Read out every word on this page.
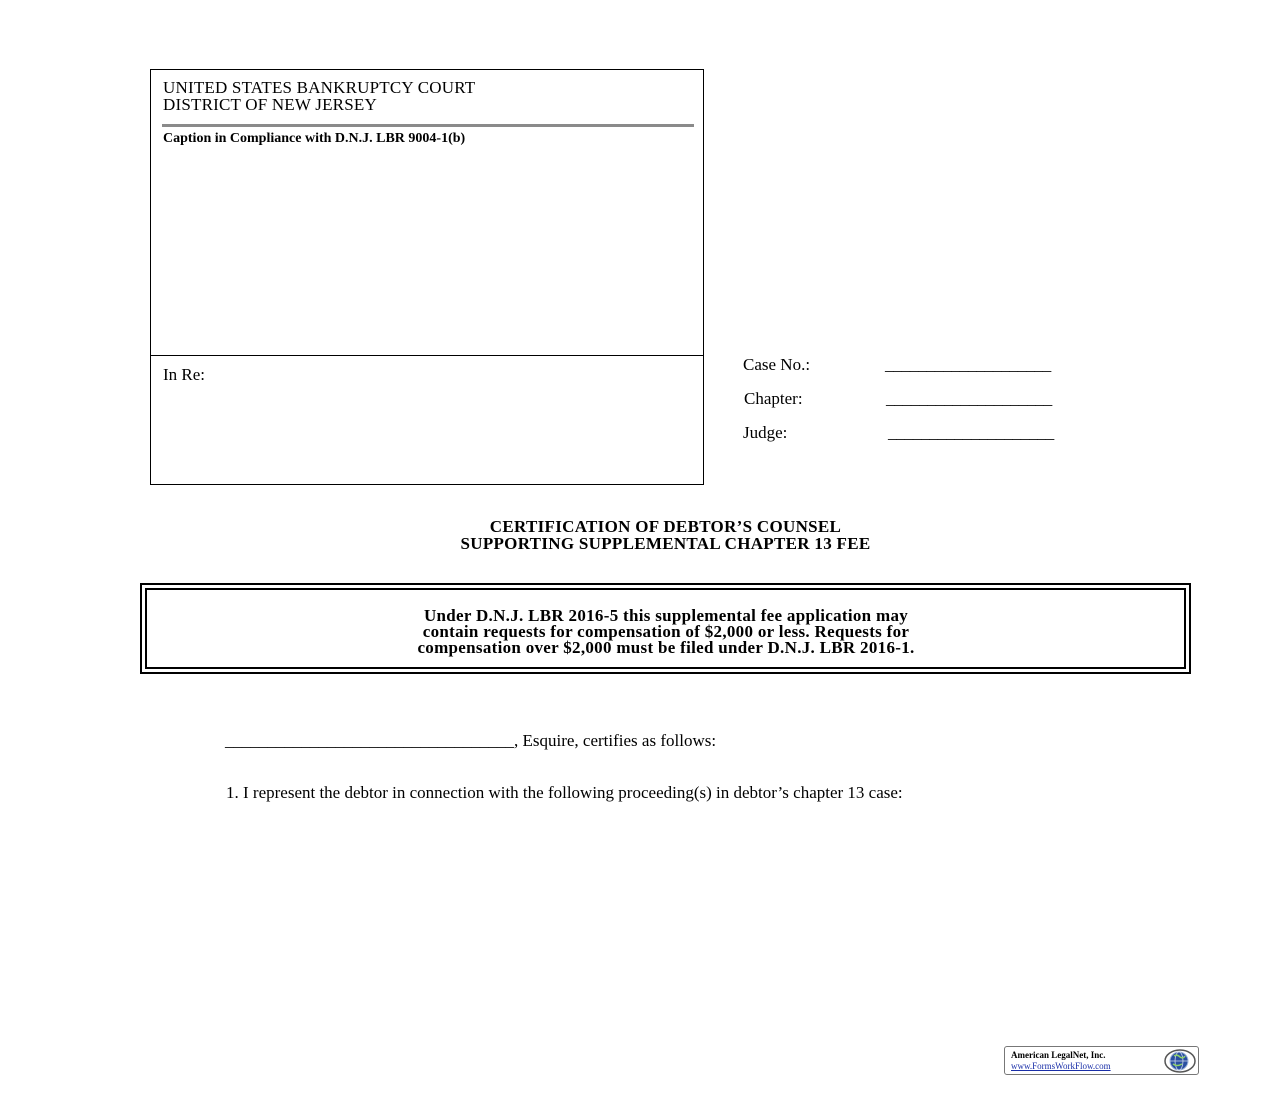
UNITED STATES BANKRUPTCY COURT
DISTRICT OF NEW JERSEY
Caption in Compliance with D.N.J. LBR 9004-1(b)
In Re:
Case No.:	____________________
Chapter:	____________________
Judge:	____________________
CERTIFICATION OF DEBTOR’S COUNSEL
SUPPORTING SUPPLEMENTAL CHAPTER 13 FEE
Under D.N.J. LBR 2016-5 this supplemental fee application may
contain requests for compensation of $2,000 or less. Requests for
compensation over $2,000 must be filed under D.N.J. LBR 2016-1.
__________________________________, Esquire, certifies as follows:
1. I represent the debtor in connection with the following proceeding(s) in debtor’s chapter 13 case:
American LegalNet, Inc.
www.FormsWorkFlow.com
